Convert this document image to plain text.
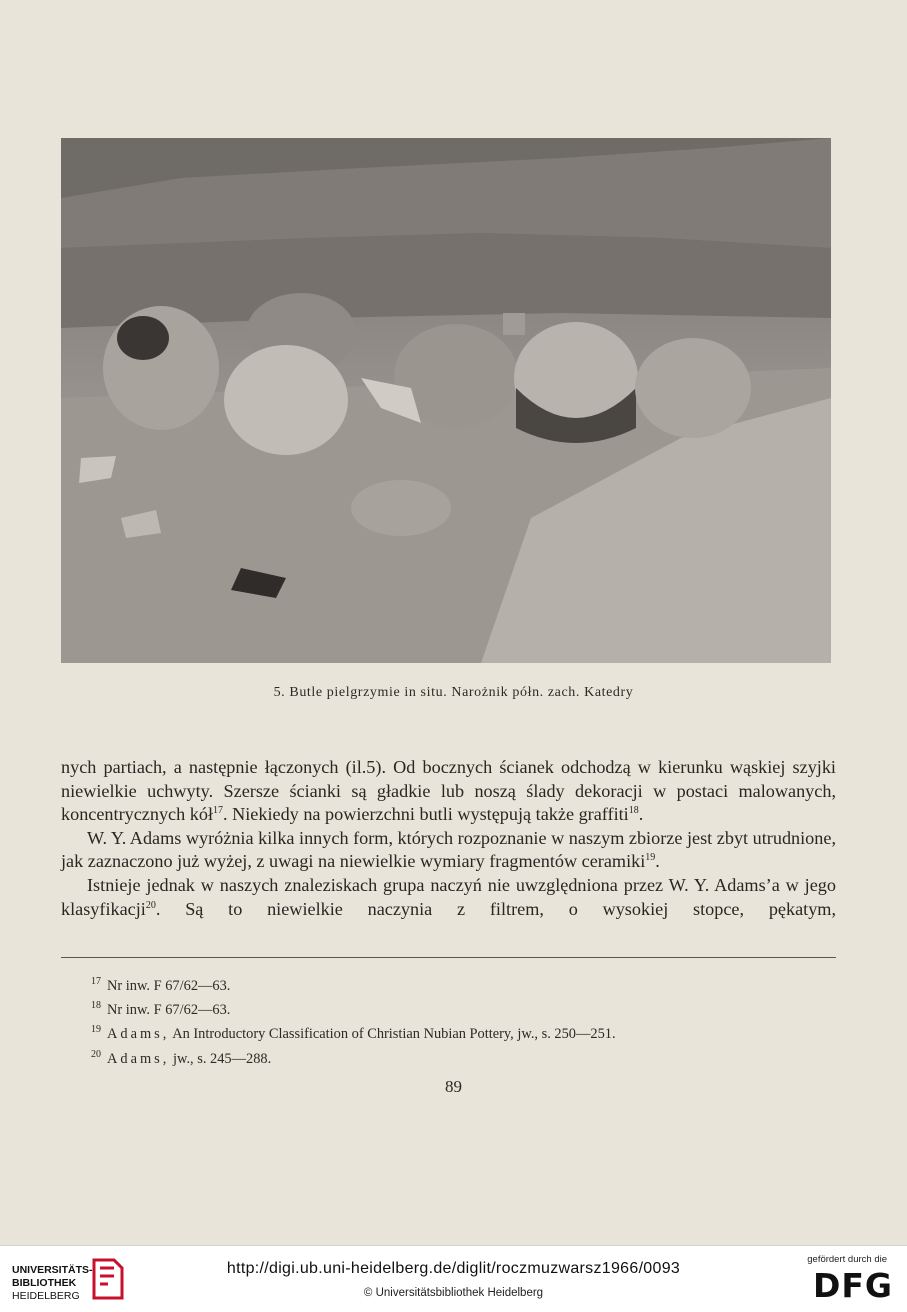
5. Butle pielgrzymie in situ. Narożnik półn. zach. Katedry

nych partiach, a następnie łączonych (il.5). Od bocznych ścianek odchodzą w kierunku wąskiej szyjki niewielkie uchwyty. Szersze ścianki są gładkie lub noszą ślady dekoracji w postaci malowanych, koncentrycznych kół$^{17}$. Niekiedy na powierzchni butli występują także graffiti$^{18}$.

W. Y. Adams wyróżnia kilka innych form, których rozpoznanie w naszym zbiorze jest zbyt utrudnione, jak zaznaczono już wyżej, z uwagi na niewielkie wymiary fragmentów ceramiki$^{19}$.

Istnieje jednak w naszych znaleziskach grupa naczyń nie uwzględniona przez W. Y. Adams’a w jego klasyfikacji$^{20}$. Są to niewielkie naczynia z filtrem, o wysokiej stopce, pękatym,

$^{17}$ Nr inw. F 67/62—63.
$^{18}$ Nr inw. F 67/62—63.
$^{19}$ Adams, An Introductory Classification of Christian Nubian Pottery, jw., s. 250—251.
$^{20}$ Adams, jw., s. 245—288.
89
UNIVERSITÄTS-
BIBLIOTHEK
HEIDELBERG
http://digi.ub.uni-heidelberg.de/diglit/roczmuzwarsz1966/0093
© Universitätsbibliothek Heidelberg
gefördert durch die
DFG
